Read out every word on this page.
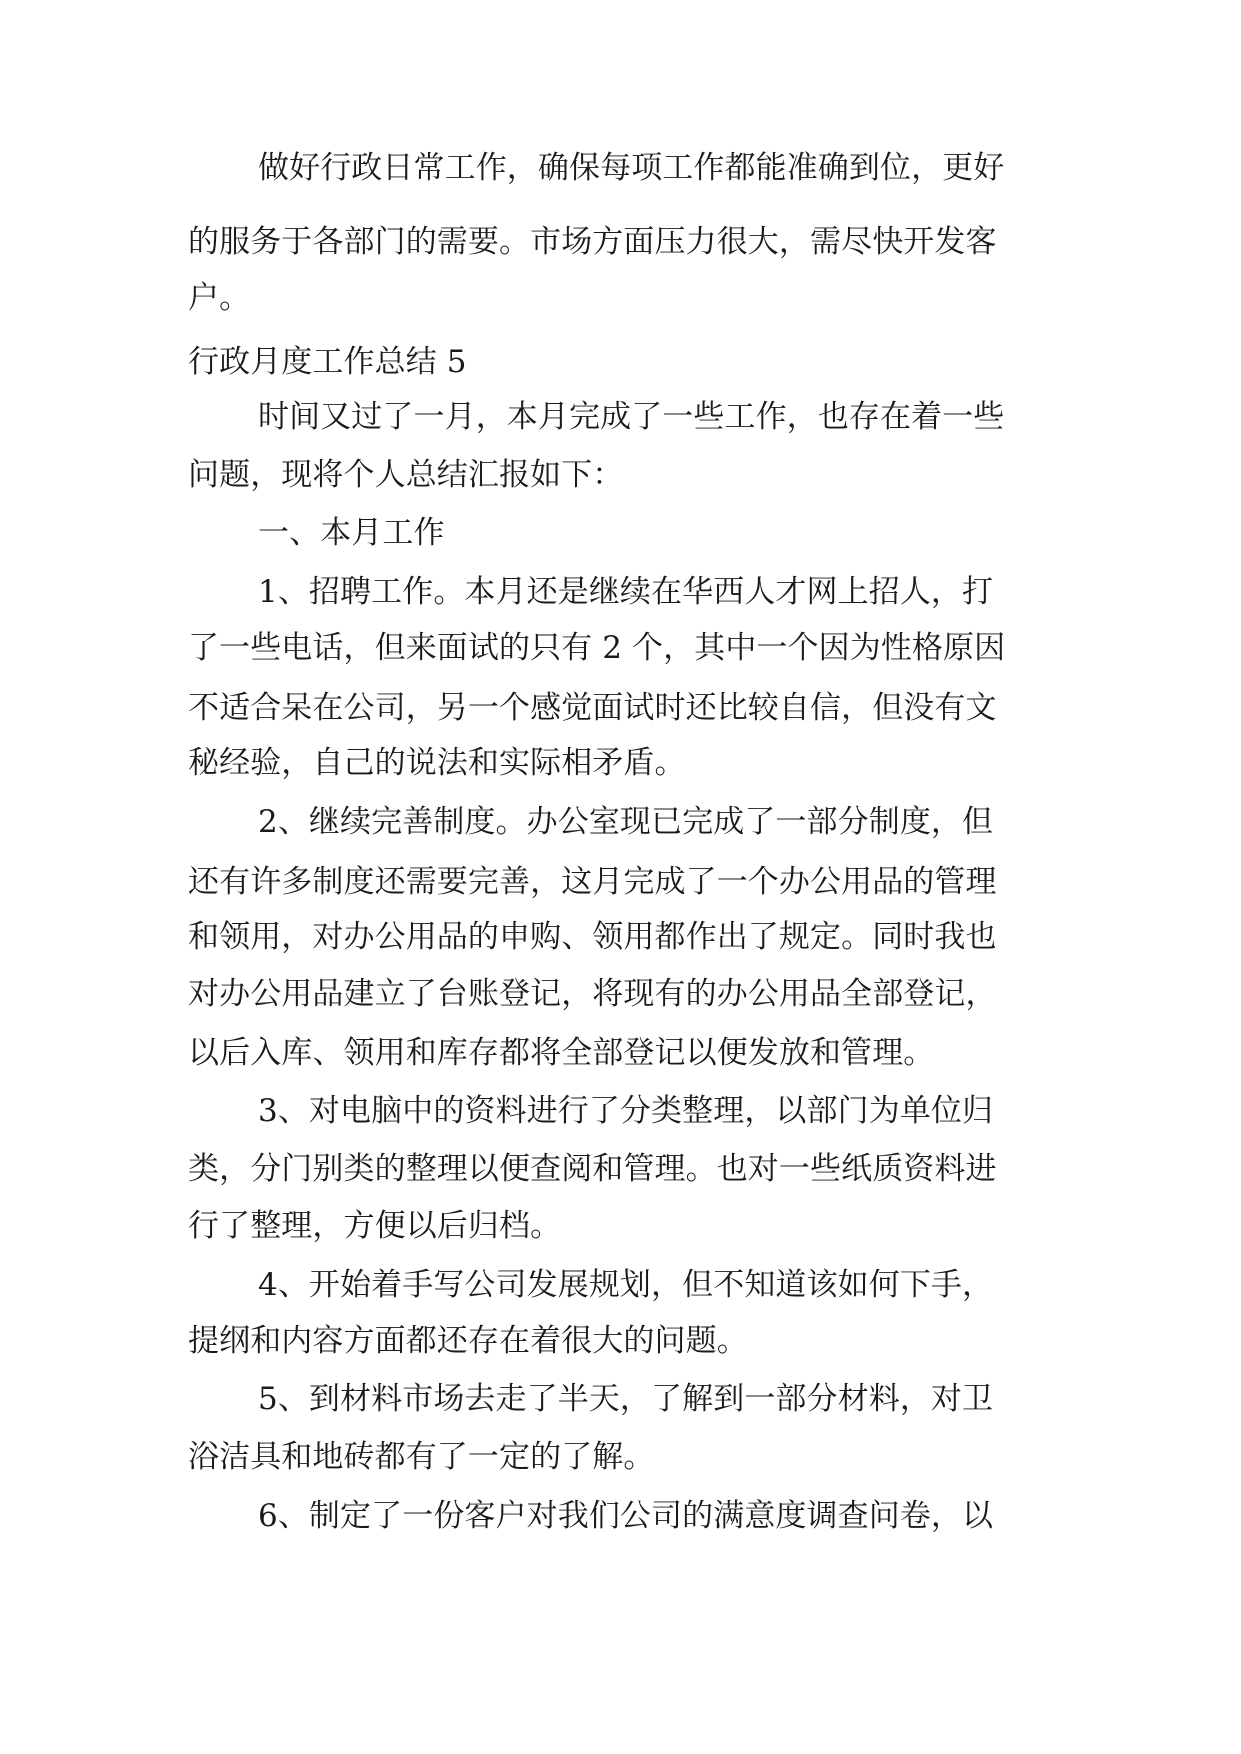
做好行政日常工作，确保每项工作都能准确到位，更好
的服务于各部门的需要。市场方面压力很大，需尽快开发客
户。
行政月度工作总结 5
时间又过了一月，本月完成了一些工作，也存在着一些
问题，现将个人总结汇报如下：
一、本月工作
1、招聘工作。本月还是继续在华西人才网上招人，打
了一些电话，但来面试的只有 2 个，其中一个因为性格原因
不适合呆在公司，另一个感觉面试时还比较自信，但没有文
秘经验，自己的说法和实际相矛盾。
2、继续完善制度。办公室现已完成了一部分制度，但
还有许多制度还需要完善，这月完成了一个办公用品的管理
和领用，对办公用品的申购、领用都作出了规定。同时我也
对办公用品建立了台账登记，将现有的办公用品全部登记，
以后入库、领用和库存都将全部登记以便发放和管理。
3、对电脑中的资料进行了分类整理，以部门为单位归
类，分门别类的整理以便查阅和管理。也对一些纸质资料进
行了整理，方便以后归档。
4、开始着手写公司发展规划，但不知道该如何下手，
提纲和内容方面都还存在着很大的问题。
5、到材料市场去走了半天，了解到一部分材料，对卫
浴洁具和地砖都有了一定的了解。
6、制定了一份客户对我们公司的满意度调查问卷，以
